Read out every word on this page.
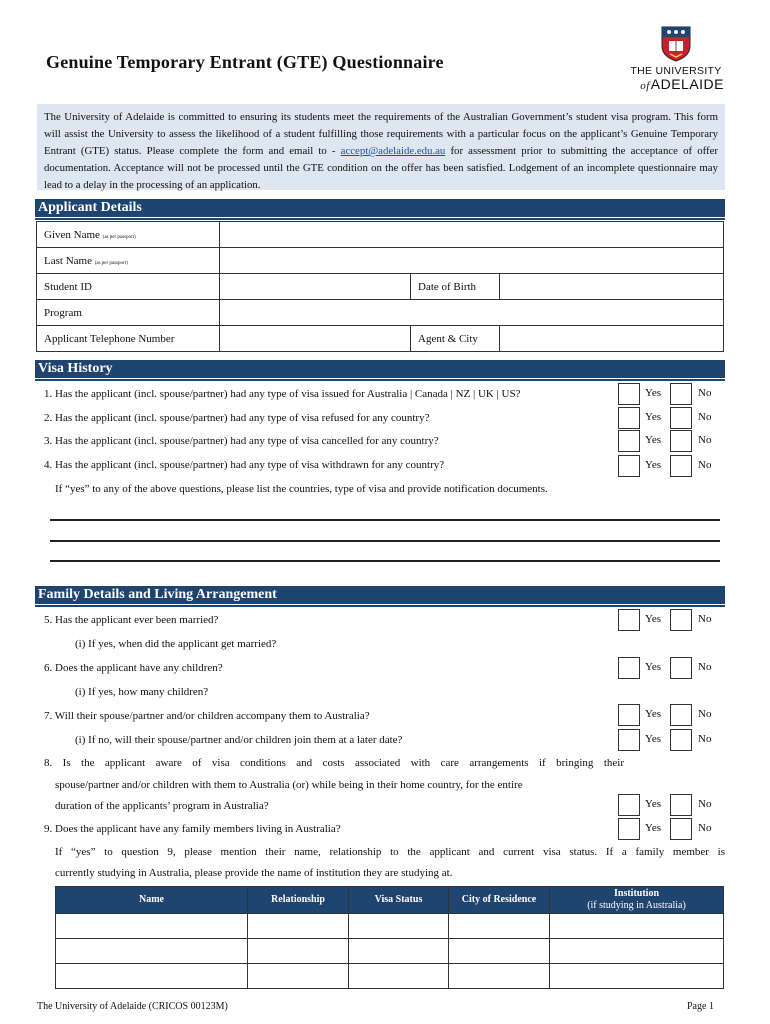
Genuine Temporary Entrant (GTE) Questionnaire	THE UNIVERSITY
ofADELAIDE
The University of Adelaide is committed to ensuring its students meet the requirements of the Australian Government’s student visa program. This form will assist the University to assess the likelihood of a student fulfilling those requirements with a particular focus on the applicant’s Genuine Temporary Entrant (GTE) status. Please complete the form and email to - accept@adelaide.edu.au for assessment prior to submitting the acceptance of offer documentation. Acceptance will not be processed until the GTE condition on the offer has been satisfied. Lodgement of an incomplete questionnaire may lead to a delay in the processing of an application.
Applicant Details
Given Name (as per passport)			
Last Name (as per passport)			
Student ID		Date of Birth	
Program			
Applicant Telephone Number		Agent & City	
Visa History
1. Has the applicant (incl. spouse/partner) had any type of visa issued for Australia | Canada | NZ | UK | US?	Yes	No
2. Has the applicant (incl. spouse/partner) had any type of visa refused for any country?	Yes	No
3. Has the applicant (incl. spouse/partner) had any type of visa cancelled for any country?	Yes	No
4. Has the applicant (incl. spouse/partner) had any type of visa withdrawn for any country?	Yes	No
If “yes” to any of the above questions, please list the countries, type of visa and provide notification documents.
Family Details and Living Arrangement
5. Has the applicant ever been married?	Yes	No
(i) If yes, when did the applicant get married?
6. Does the applicant have any children?	Yes	No
(i) If yes, how many children?
7. Will their spouse/partner and/or children accompany them to Australia?	Yes	No
(i) If no, will their spouse/partner and/or children join them at a later date?	Yes	No
8. Is the applicant aware of visa conditions and costs associated with care arrangements if bringing their
spouse/partner and/or children with them to Australia (or) while being in their home country, for the entire
duration of the applicants’ program in Australia?	Yes	No
9. Does the applicant have any family members living in Australia?	Yes	No
If “yes” to question 9, please mention their name, relationship to the applicant and current visa status. If a family member is
currently studying in Australia, please provide the name of institution they are studying at.
Name	Relationship	Visa Status	City of Residence	Institution
(if studying in Australia)

The University of Adelaide (CRICOS 00123M)	Page 1
